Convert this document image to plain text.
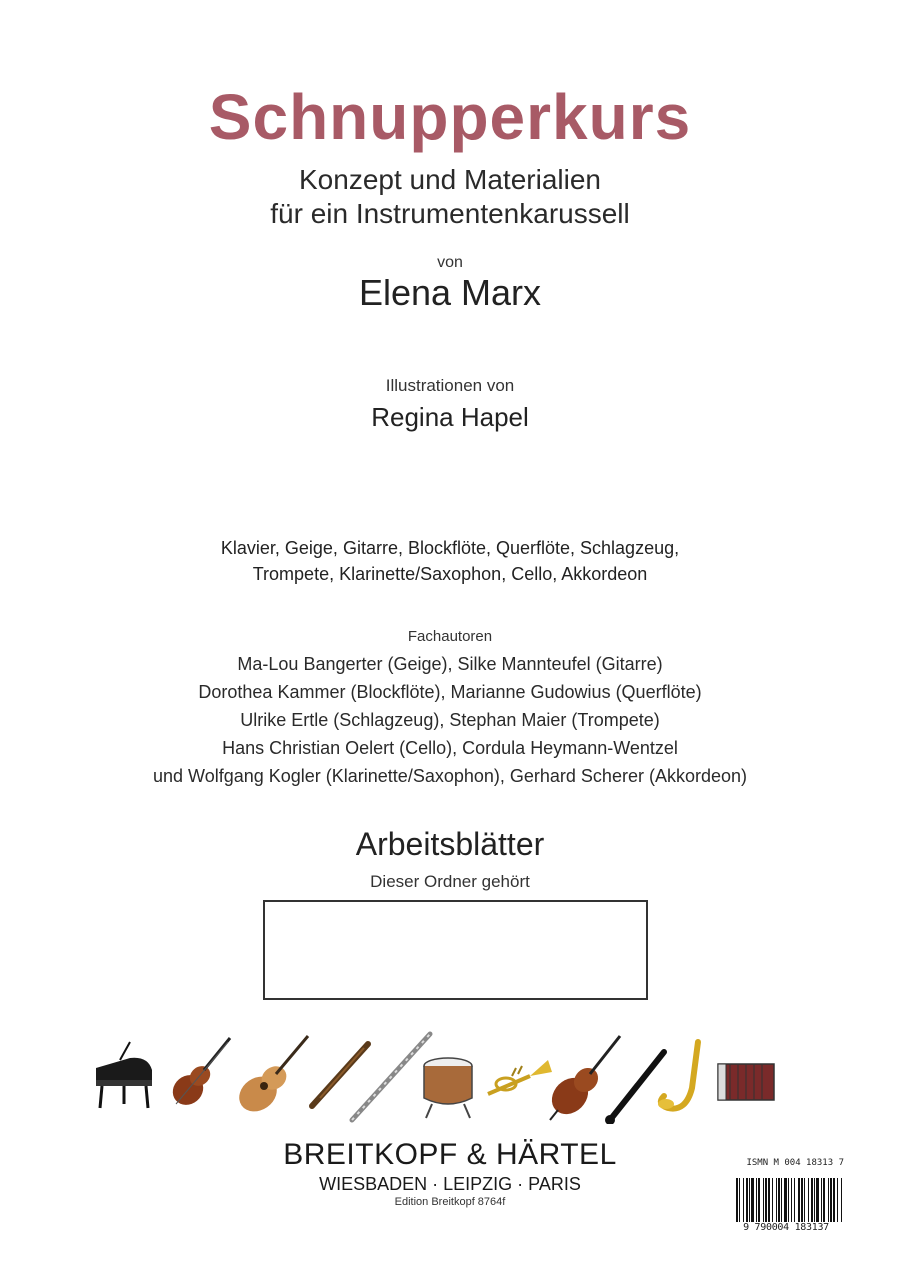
Schnupperkurs
Konzept und Materialien
für ein Instrumentenkarussell
von
Elena Marx
Illustrationen von
Regina Hapel
Klavier, Geige, Gitarre, Blockflöte, Querflöte, Schlagzeug,
Trompete, Klarinette/Saxophon, Cello, Akkordeon
Fachautoren
Ma-Lou Bangerter (Geige), Silke Mannteufel (Gitarre)
Dorothea Kammer (Blockflöte), Marianne Gudowius (Querflöte)
Ulrike Ertle (Schlagzeug), Stephan Maier (Trompete)
Hans Christian Oelert (Cello), Cordula Heymann-Wentzel
und Wolfgang Kogler (Klarinette/Saxophon), Gerhard Scherer (Akkordeon)
Arbeitsblätter
Dieser Ordner gehört
BREITKOPF & HÄRTEL
WIESBADEN · LEIPZIG · PARIS
Edition Breitkopf 8764f
ISMN M 004 18313 7
9 790004 183137
